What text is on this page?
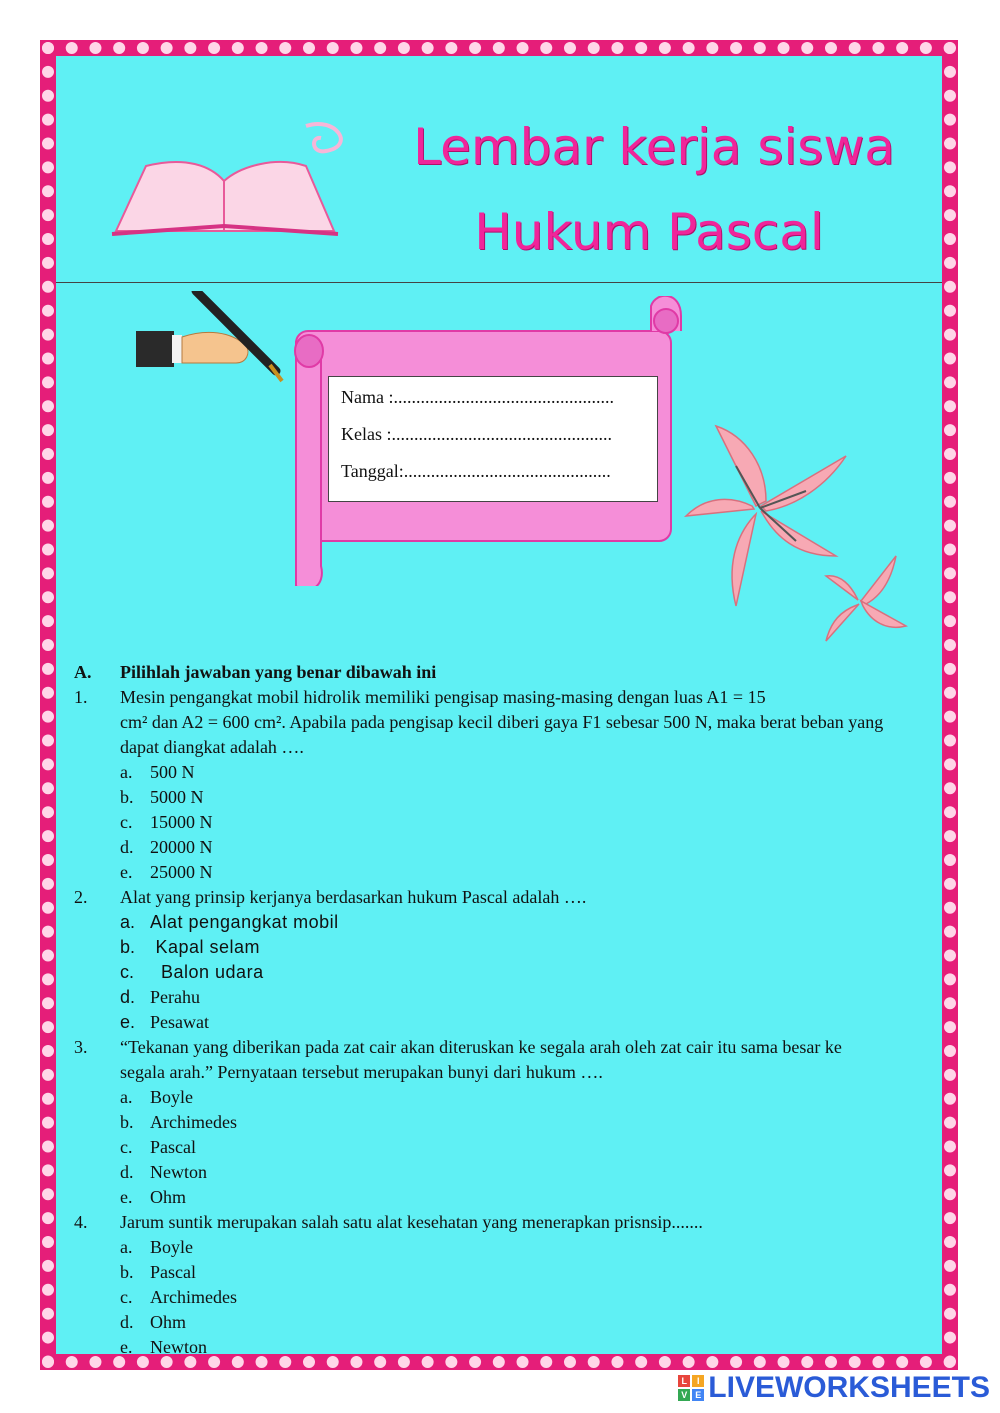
Lembar kerja siswa
Hukum Pascal
Nama :.................................................
Kelas :.................................................
Tanggal:..............................................
A.	Pilihlah jawaban yang benar dibawah ini
1.	Mesin pengangkat mobil hidrolik memiliki pengisap masing-masing dengan luas A1 = 15
cm² dan A2 = 600 cm². Apabila pada pengisap kecil diberi gaya F1 sebesar 500 N, maka berat beban yang
dapat diangkat adalah ….
a. 500 N
b. 5000 N
c. 15000 N
d. 20000 N
e. 25000 N
2.	Alat yang prinsip kerjanya berdasarkan hukum Pascal adalah ….
a. Alat pengangkat mobil
b. Kapal selam
c. Balon udara
d. Perahu
e. Pesawat
3.	“Tekanan yang diberikan pada zat cair akan diteruskan ke segala arah oleh zat cair itu sama besar ke
segala arah.” Pernyataan tersebut merupakan bunyi dari hukum ….
a. Boyle
b. Archimedes
c. Pascal
d. Newton
e. Ohm
4.	Jarum suntik merupakan salah satu alat kesehatan yang menerapkan prisnsip.......
a. Boyle
b. Pascal
c. Archimedes
d. Ohm
e. Newton
L	I
V E LIVEWORKSHEETS
